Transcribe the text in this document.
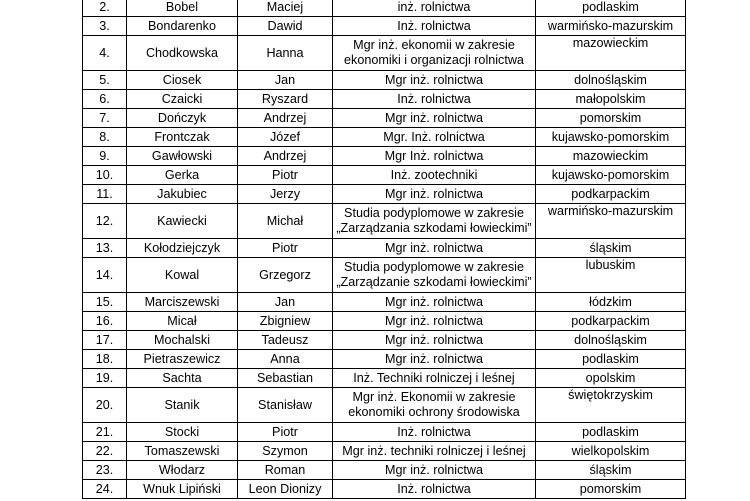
2.	Bobel	Maciej	inż. rolnictwa	podlaskim
3.	Bondarenko	Dawid	Inż. rolnictwa	warmińsko-mazurskim
4.	Chodkowska	Hanna	Mgr inż. ekonomii w zakresie ekonomiki i organizacji rolnictwa	mazowieckim
5.	Ciosek	Jan	Mgr inż. rolnictwa	dolnośląskim
6.	Czaicki	Ryszard	Inż. rolnictwa	małopolskim
7.	Dończyk	Andrzej	Mgr inż. rolnictwa	pomorskim
8.	Frontczak	Józef	Mgr. Inż. rolnictwa	kujawsko-pomorskim
9.	Gawłowski	Andrzej	Mgr Inż. rolnictwa	mazowieckim
10.	Gerka	Piotr	Inż. zootechniki	kujawsko-pomorskim
11.	Jakubiec	Jerzy	Mgr inż. rolnictwa	podkarpackim
12.	Kawiecki	Michał	Studia podyplomowe w zakresie „Zarządzania szkodami łowieckimi”	warmińsko-mazurskim
13.	Kołodziejczyk	Piotr	Mgr inż. rolnictwa	śląskim
14.	Kowal	Grzegorz	Studia podyplomowe w zakresie „Zarządzanie szkodami łowieckimi”	lubuskim
15.	Marciszewski	Jan	Mgr inż. rolnictwa	łódzkim
16.	Micał	Zbigniew	Mgr inż. rolnictwa	podkarpackim
17.	Mochalski	Tadeusz	Mgr inż. rolnictwa	dolnośląskim
18.	Pietraszewicz	Anna	Mgr inż. rolnictwa	podlaskim
19.	Sachta	Sebastian	Inż. Techniki rolniczej i leśnej	opolskim
20.	Stanik	Stanisław	Mgr inż. Ekonomii w zakresie ekonomiki ochrony środowiska	świętokrzyskim
21.	Stocki	Piotr	Inż. rolnictwa	podlaskim
22.	Tomaszewski	Szymon	Mgr inż. techniki rolniczej i leśnej	wielkopolskim
23.	Włodarz	Roman	Mgr inż. rolnictwa	śląskim
24.	Wnuk Lipiński	Leon Dionizy	Inż. rolnictwa	pomorskim
